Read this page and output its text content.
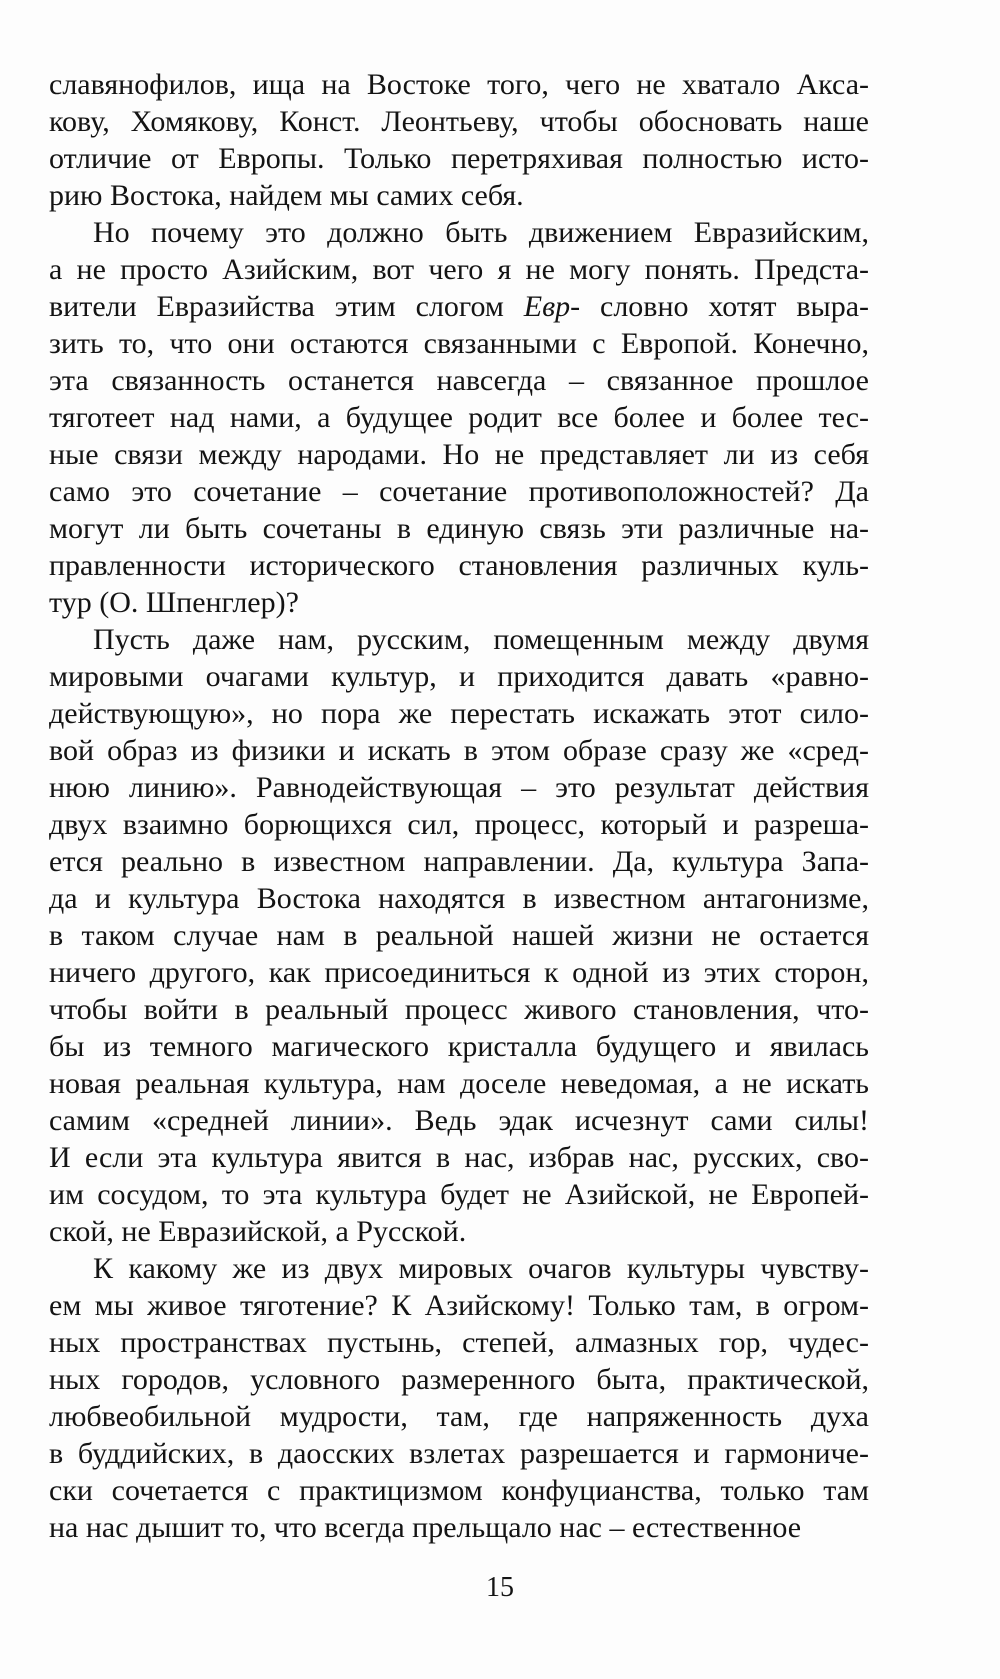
славянофилов, ища на Востоке того, чего не хватало Акса-
кову, Хомякову, Конст. Леонтьеву, чтобы обосновать наше
отличие от Европы. Только перетряхивая полностью исто-
рию Востока, найдем мы самих себя.
Но почему это должно быть движением Евразийским,
а не просто Азийским, вот чего я не могу понять. Предста-
вители Евразийства этим слогом Евр- словно хотят выра-
зить то, что они остаются связанными с Европой. Конечно,
эта связанность останется навсегда – связанное прошлое
тяготеет над нами, а будущее родит все более и более тес-
ные связи между народами. Но не представляет ли из себя
само это сочетание – сочетание противоположностей? Да
могут ли быть сочетаны в единую связь эти различные на-
правленности исторического становления различных куль-
тур (О. Шпенглер)?
Пусть даже нам, русским, помещенным между двумя
мировыми очагами культур, и приходится давать «равно-
действующую», но пора же перестать искажать этот сило-
вой образ из физики и искать в этом образе сразу же «сред-
нюю линию». Равнодействующая – это результат действия
двух взаимно борющихся сил, процесс, который и разреша-
ется реально в известном направлении. Да, культура Запа-
да и культура Востока находятся в известном антагонизме,
в таком случае нам в реальной нашей жизни не остается
ничего другого, как присоединиться к одной из этих сторон,
чтобы войти в реальный процесс живого становления, что-
бы из темного магического кристалла будущего и явилась
новая реальная культура, нам доселе неведомая, а не искать
самим «средней линии». Ведь эдак исчезнут сами силы!
И если эта культура явится в нас, избрав нас, русских, сво-
им сосудом, то эта культура будет не Азийской, не Европей-
ской, не Евразийской, а Русской.
К какому же из двух мировых очагов культуры чувству-
ем мы живое тяготение? К Азийскому! Только там, в огром-
ных пространствах пустынь, степей, алмазных гор, чудес-
ных городов, условного размеренного быта, практической,
любвеобильной мудрости, там, где напряженность духа
в буддийских, в даосских взлетах разрешается и гармониче-
ски сочетается с практицизмом конфуцианства, только там
на нас дышит то, что всегда прельщало нас – естественное
15
